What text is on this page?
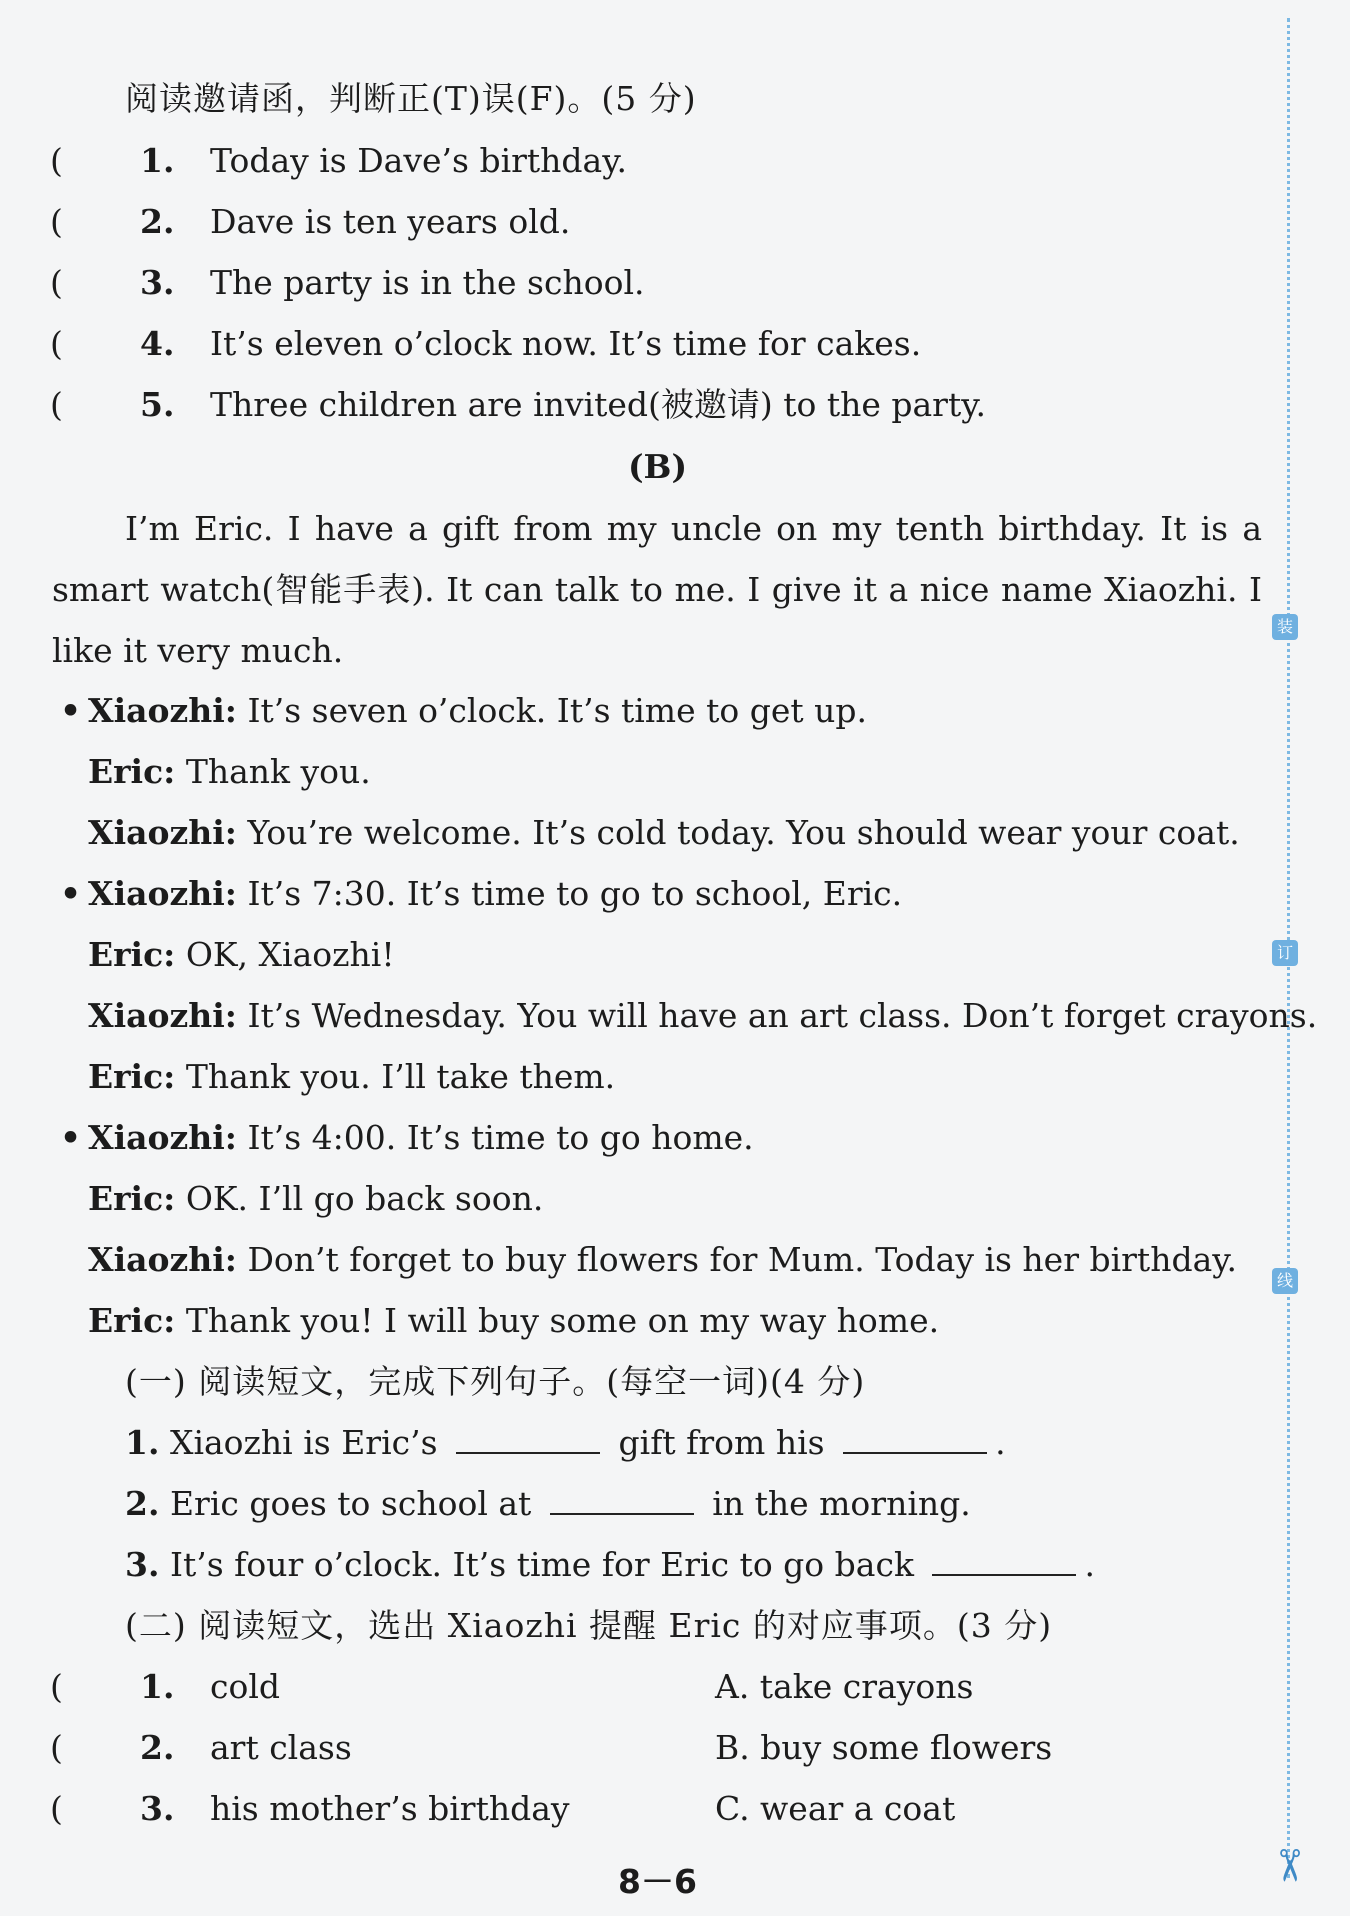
阅读邀请函，判断正(T)误(F)。(5 分)
( 1. Today is Dave’s birthday.
( 2. Dave is ten years old.
( 3. The party is in the school.
( 4. It’s eleven o’clock now. It’s time for cakes.
( 5. Three children are invited(被邀请) to the party.
(B)
I’m Eric. I have a gift from my uncle on my tenth birthday. It is a smart watch(智能手表). It can talk to me. I give it a nice name Xiaozhi. I like it very much.
• Xiaozhi: It’s seven o’clock. It’s time to get up.
Eric: Thank you.
Xiaozhi: You’re welcome. It’s cold today. You should wear your coat.
• Xiaozhi: It’s 7:30. It’s time to go to school, Eric.
Eric: OK, Xiaozhi!
Xiaozhi: It’s Wednesday. You will have an art class. Don’t forget crayons.
Eric: Thank you. I’ll take them.
• Xiaozhi: It’s 4:00. It’s time to go home.
Eric: OK. I’ll go back soon.
Xiaozhi: Don’t forget to buy flowers for Mum. Today is her birthday.
Eric: Thank you! I will buy some on my way home.
(一) 阅读短文，完成下列句子。(每空一词)(4 分)
1. Xiaozhi is Eric’s	gift from his	.
2. Eric goes to school at	in the morning.
3. It’s four o’clock. It’s time for Eric to go back	.
(二) 阅读短文，选出 Xiaozhi 提醒 Eric 的对应事项。(3 分)
( 1. cold	A. take crayons
( 2. art class	B. buy some flowers
( 3. his mother’s birthday	C. wear a coat
装
订
线
✂
8－6
